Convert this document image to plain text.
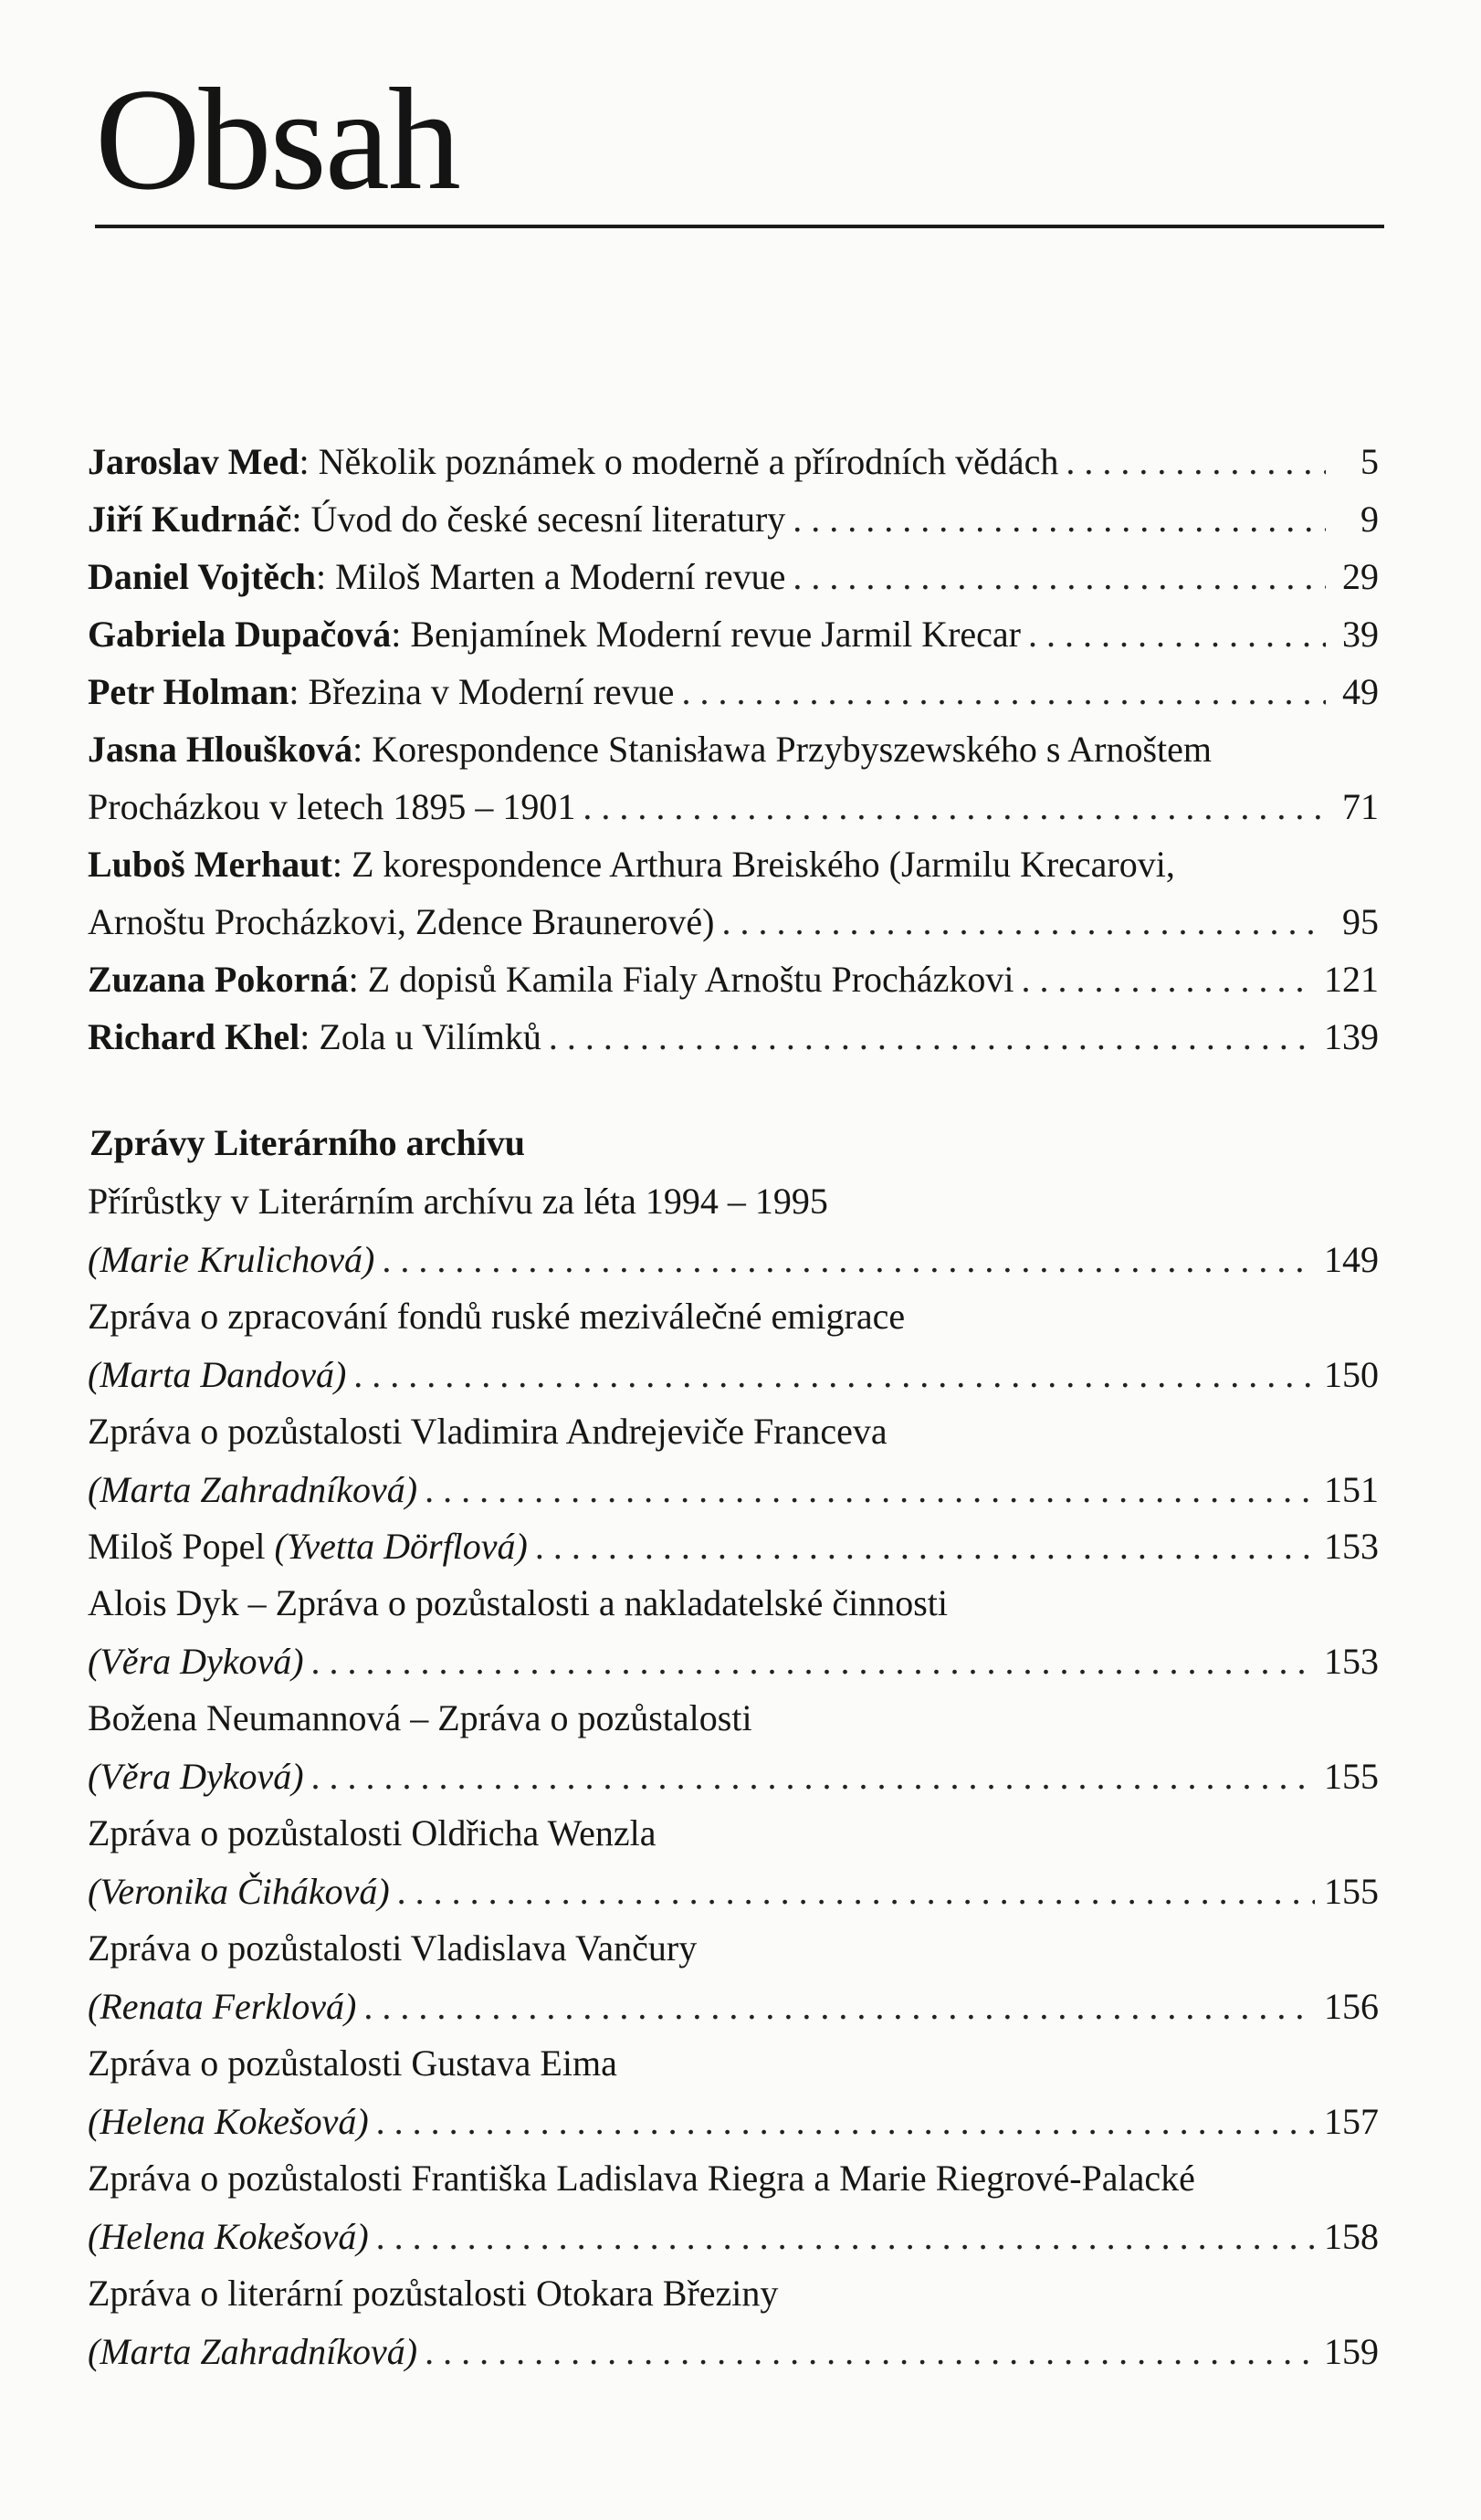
Obsah
Jaroslav Med: Několik poznámek o moderně a přírodních vědách . . .	5
Jiří Kudrnáč: Úvod do české secesní literatury . . .	9
Daniel Vojtěch: Miloš Marten a Moderní revue . . .	29
Gabriela Dupačová: Benjamínek Moderní revue Jarmil Krecar . . .	39
Petr Holman: Březina v Moderní revue . . .	49
Jasna Hloušková: Korespondence Stanisława Przybyszewského s Arnoštem
Procházkou v letech 1895 – 1901 . . .	71
Luboš Merhaut: Z korespondence Arthura Breiského (Jarmilu Krecarovi,
Arnoštu Procházkovi, Zdence Braunerové) . . .	95
Zuzana Pokorná: Z dopisů Kamila Fialy Arnoštu Procházkovi . . .	121
Richard Khel: Zola u Vilímků . . .	139
Zprávy Literárního archívu
Přírůstky v Literárním archívu za léta 1994 – 1995
(Marie Krulichová) . . .	149
Zpráva o zpracování fondů ruské meziválečné emigrace
(Marta Dandová) . . .	150
Zpráva o pozůstalosti Vladimira Andrejeviče Franceva
(Marta Zahradníková) . . .	151
Miloš Popel (Yvetta Dörflová) . . .	153
Alois Dyk – Zpráva o pozůstalosti a nakladatelské činnosti
(Věra Dyková) . . .	153
Božena Neumannová – Zpráva o pozůstalosti
(Věra Dyková) . . .	155
Zpráva o pozůstalosti Oldřicha Wenzla
(Veronika Čiháková) . . .	155
Zpráva o pozůstalosti Vladislava Vančury
(Renata Ferklová) . . .	156
Zpráva o pozůstalosti Gustava Eima
(Helena Kokešová) . . .	157
Zpráva o pozůstalosti Františka Ladislava Riegra a Marie Riegrové-Palacké
(Helena Kokešová) . . .	158
Zpráva o literární pozůstalosti Otokara Březiny
(Marta Zahradníková) . . .	159
